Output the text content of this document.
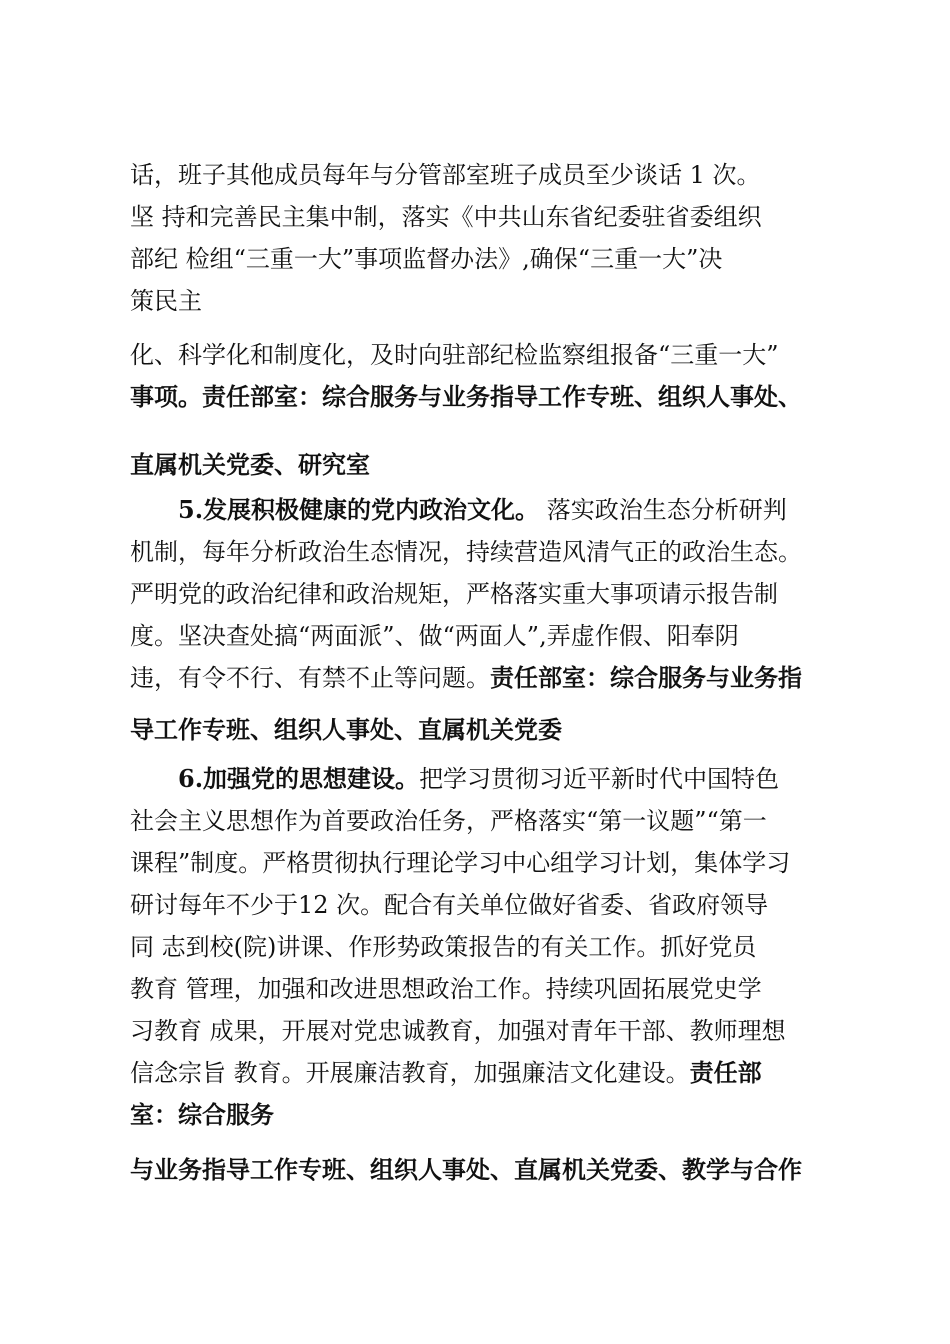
话，班子其他成员每年与分管部室班子成员至少谈话 1 次。
坚 持和完善民主集中制，落实《中共山东省纪委驻省委组织
部纪 检组“三重一大”事项监督办法》,确保“三重一大”决
策民主
化、科学化和制度化，及时向驻部纪检监察组报备“三重一大”
事项。责任部室：综合服务与业务指导工作专班、组织人事处、
直属机关党委、研究室
5.发展积极健康的党内政治文化。 落实政治生态分析研判
机制，每年分析政治生态情况，持续营造风清气正的政治生态。
严明党的政治纪律和政治规矩，严格落实重大事项请示报告制
度。坚决查处搞“两面派”、做“两面人”,弄虚作假、阳奉阴
违，有令不行、有禁不止等问题。责任部室：综合服务与业务指
导工作专班、组织人事处、直属机关党委
6.加强党的思想建设。把学习贯彻习近平新时代中国特色
社会主义思想作为首要政治任务，严格落实“第一议题”“第一
课程”制度。严格贯彻执行理论学习中心组学习计划，集体学习
研讨每年不少于12 次。配合有关单位做好省委、省政府领导
同 志到校(院)讲课、作形势政策报告的有关工作。抓好党员
教育 管理，加强和改进思想政治工作。持续巩固拓展党史学
习教育 成果，开展对党忠诚教育，加强对青年干部、教师理想
信念宗旨 教育。开展廉洁教育，加强廉洁文化建设。责任部
室：综合服务
与业务指导工作专班、组织人事处、直属机关党委、教学与合作
